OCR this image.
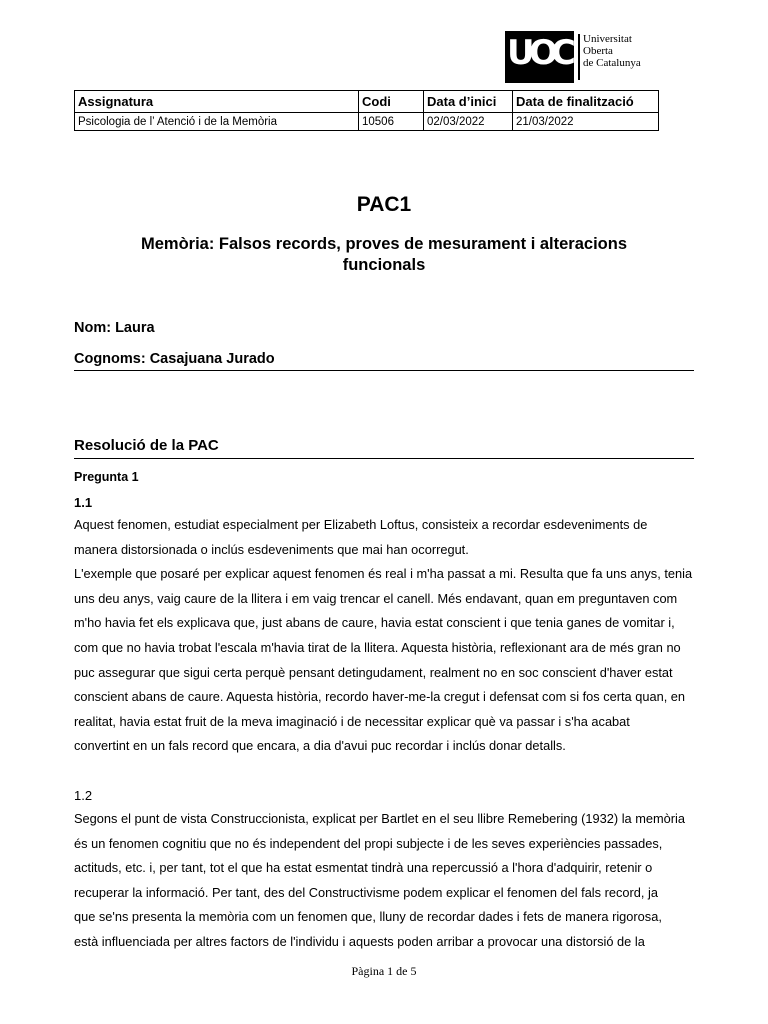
U
O
C Universitat
Oberta
de Catalunya
Assignatura	Codi	Data d’inici	Data de finalització
Psicologia de l’ Atenció i de la Memòria	10506	02/03/2022	21/03/2022
PAC1
Memòria: Falsos records, proves de mesurament i alteracions
funcionals
Nom: Laura
Cognoms: Casajuana Jurado
Resolució de la PAC
Pregunta 1
1.1
Aquest fenomen, estudiat especialment per Elizabeth Loftus, consisteix a recordar esdeveniments de
manera distorsionada o inclús esdeveniments que mai han ocorregut.
L'exemple que posaré per explicar aquest fenomen és real i m'ha passat a mi. Resulta que fa uns anys, tenia
uns deu anys, vaig caure de la llitera i em vaig trencar el canell. Més endavant, quan em preguntaven com
m'ho havia fet els explicava que, just abans de caure, havia estat conscient i que tenia ganes de vomitar i,
com que no havia trobat l'escala m'havia tirat de la llitera. Aquesta història, reflexionant ara de més gran no
puc assegurar que sigui certa perquè pensant detingudament, realment no en soc conscient d'haver estat
conscient abans de caure. Aquesta història, recordo haver-me-la cregut i defensat com si fos certa quan, en
realitat, havia estat fruit de la meva imaginació i de necessitar explicar què va passar i s'ha acabat
convertint en un fals record que encara, a dia d'avui puc recordar i inclús donar detalls.
1.2
Segons el punt de vista Construccionista, explicat per Bartlet en el seu llibre Remebering (1932) la memòria
és un fenomen cognitiu que no és independent del propi subjecte i de les seves experiències passades,
actituds, etc. i, per tant, tot el que ha estat esmentat tindrà una repercussió a l'hora d'adquirir, retenir o
recuperar la informació. Per tant, des del Constructivisme podem explicar el fenomen del fals record, ja
que se'ns presenta la memòria com un fenomen que, lluny de recordar dades i fets de manera rigorosa,
està influenciada per altres factors de l'individu i aquests poden arribar a provocar una distorsió de la
Pàgina 1 de 5
